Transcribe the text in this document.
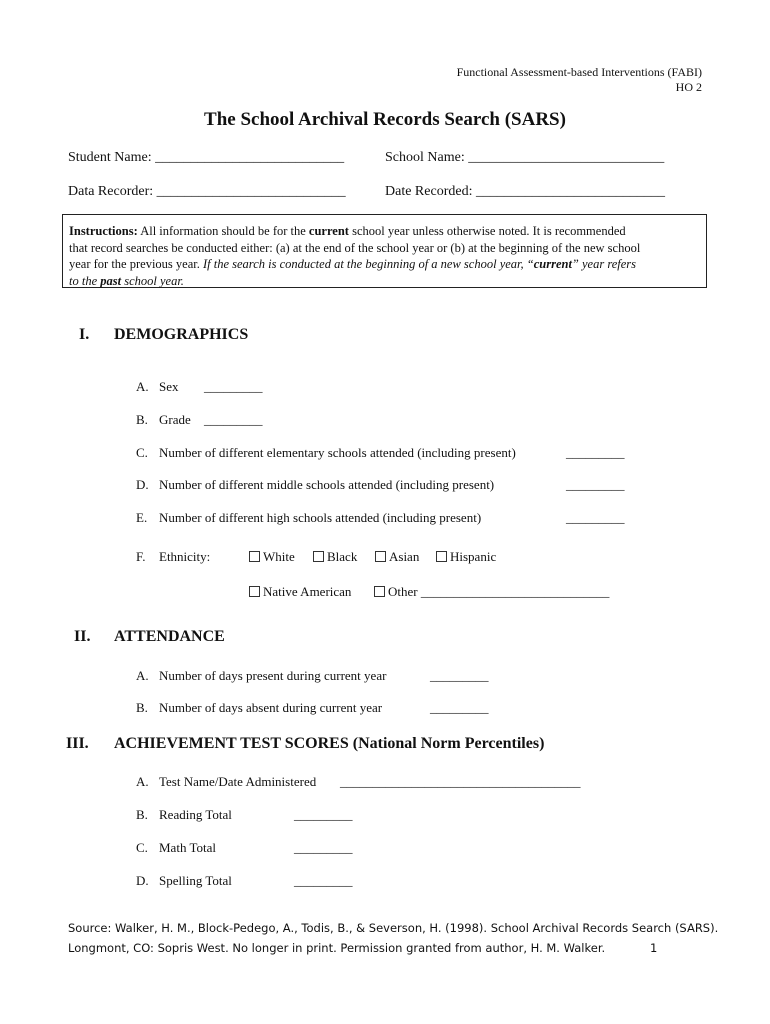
Functional Assessment-based Interventions (FABI)
HO 2
The School Archival Records Search (SARS)
Student Name: ___________________________	School Name: ____________________________
Data Recorder: ___________________________	Date Recorded: ___________________________

Instructions: All information should be for the current school year unless otherwise noted. It is recommended

that record searches be conducted either: (a) at the end of the school year or (b) at the beginning of the new school

year for the previous year. If the search is conducted at the beginning of a new school year, “current” year refers

to the past school year.

I. DEMOGRAPHICS
A. Sex _________
B. Grade _________
C. Number of different elementary schools attended (including present)	_________
D. Number of different middle schools attended (including present)	_________
E. Number of different high schools attended (including present)	_________
F. Ethnicity:	White	Black	Asian	Hispanic
Native American	Other _____________________________
II. ATTENDANCE
A. Number of days present during current year	_________
B. Number of days absent during current year	_________
III. ACHIEVEMENT TEST SCORES (National Norm Percentiles)
A. Test Name/Date Administered _____________________________________
B. Reading Total	_________
C. Math Total	_________
D. Spelling Total	_________
Source: Walker, H. M., Block-Pedego, A., Todis, B., & Severson, H. (1998). School Archival Records Search (SARS).
Longmont, CO: Sopris West. No longer in print. Permission granted from author, H. M. Walker.	1
